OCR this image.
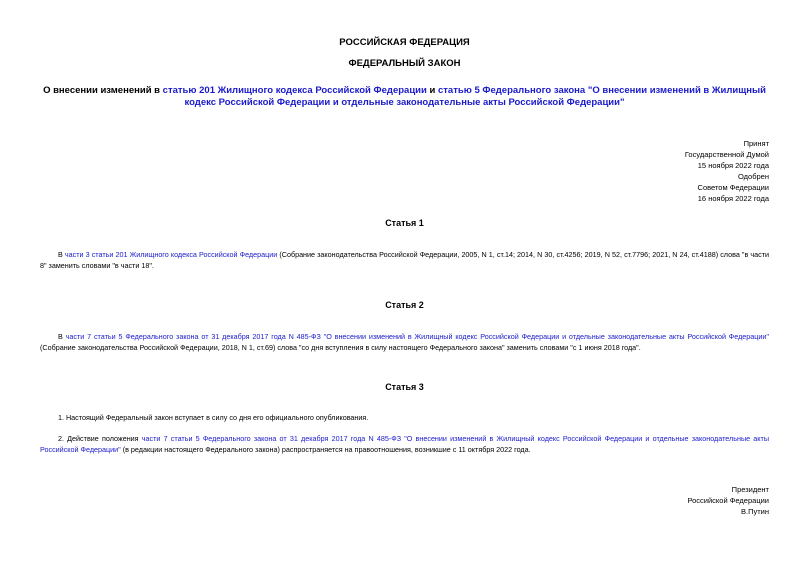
РОССИЙСКАЯ ФЕДЕРАЦИЯ
ФЕДЕРАЛЬНЫЙ ЗАКОН
О внесении изменений в статью 201 Жилищного кодекса Российской Федерации и статью 5 Федерального закона "О внесении изменений в Жилищный кодекс Российской Федерации и отдельные законодательные акты Российской Федерации"
Принят
Государственной Думой
15 ноября 2022 года
Одобрен
Советом Федерации
16 ноября 2022 года
Статья 1
В части 3 статьи 201 Жилищного кодекса Российской Федерации (Собрание законодательства Российской Федерации, 2005, N 1, ст.14; 2014, N 30, ст.4256; 2019, N 52, ст.7796; 2021, N 24, ст.4188) слова "в части 8" заменить словами "в части 18".
Статья 2
В части 7 статьи 5 Федерального закона от 31 декабря 2017 года N 485-ФЗ "О внесении изменений в Жилищный кодекс Российской Федерации и отдельные законодательные акты Российской Федерации" (Собрание законодательства Российской Федерации, 2018, N 1, ст.69) слова "со дня вступления в силу настоящего Федерального закона" заменить словами "с 1 июня 2018 года".
Статья 3
1. Настоящий Федеральный закон вступает в силу со дня его официального опубликования.
2. Действие положения части 7 статьи 5 Федерального закона от 31 декабря 2017 года N 485-ФЗ "О внесении изменений в Жилищный кодекс Российской Федерации и отдельные законодательные акты Российской Федерации" (в редакции настоящего Федерального закона) распространяется на правоотношения, возникшие с 11 октября 2022 года.
Президент
Российской Федерации
В.Путин
